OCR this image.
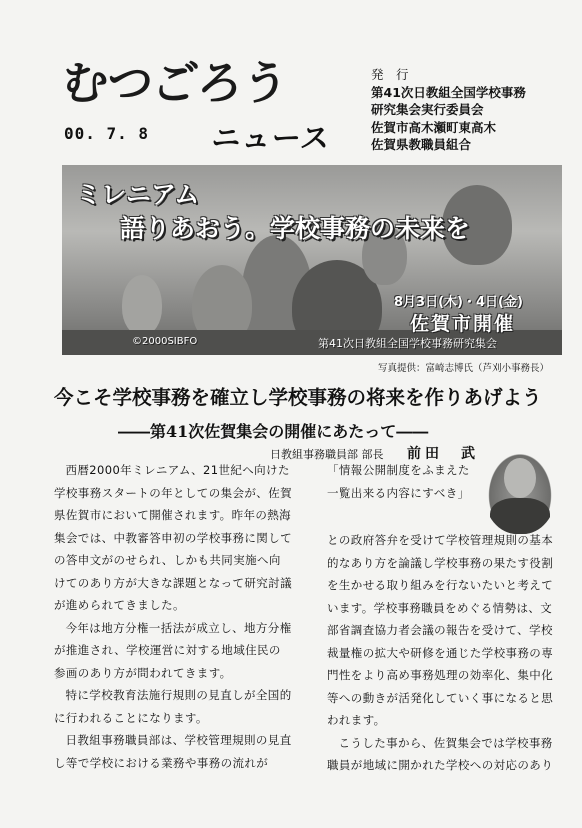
むつごろう
00. 7. 8 ニュース
発　行
第41次日教組全国学校事務
研究集会実行委員会
佐賀市高木瀬町東高木
佐賀県教職員組合
ミレニアム
語りあおう。学校事務の未来を
8月3日(木)・4日(金)
佐賀市開催
第41次日教組全国学校事務研究集会
©2000SIBFO
写真提供：富崎志博氏（芦刈小事務長）
今こそ学校事務を確立し学校事務の将来を作りあげよう
――第41次佐賀集会の開催にあたって――
日教組事務職員部 部長 前田　武

西暦2000年ミレニアム、21世紀へ向けた学校事務スタートの年としての集会が、佐賀県佐賀市において開催されます。昨年の熱海集会では、中教審答申初の学校事務に関しての答申文がのせられ、しかも共同実施へ向けてのあり方が大きな課題となって研究討議が進められてきました。

今年は地方分権一括法が成立し、地方分権が推進され、学校運営に対する地域住民の参画のあり方が問われてきます。

特に学校教育法施行規則の見直しが全国的に行われることになります。

日教組事務職員部は、学校管理規則の見直し等で学校における業務や事務の流れが

「情報公開制度をふまえた一覧出来る内容にすべき」

との政府答弁を受けて学校管理規則の基本的なあり方を論議し学校事務の果たす役割を生かせる取り組みを行ないたいと考えています。学校事務職員をめぐる情勢は、文部省調査協力者会議の報告を受けて、学校裁量権の拡大や研修を通じた学校事務の専門性をより高め事務処理の効率化、集中化等への動きが活発化していく事になると思われます。

こうした事から、佐賀集会では学校事務職員が地域に開かれた学校への対応のあり
